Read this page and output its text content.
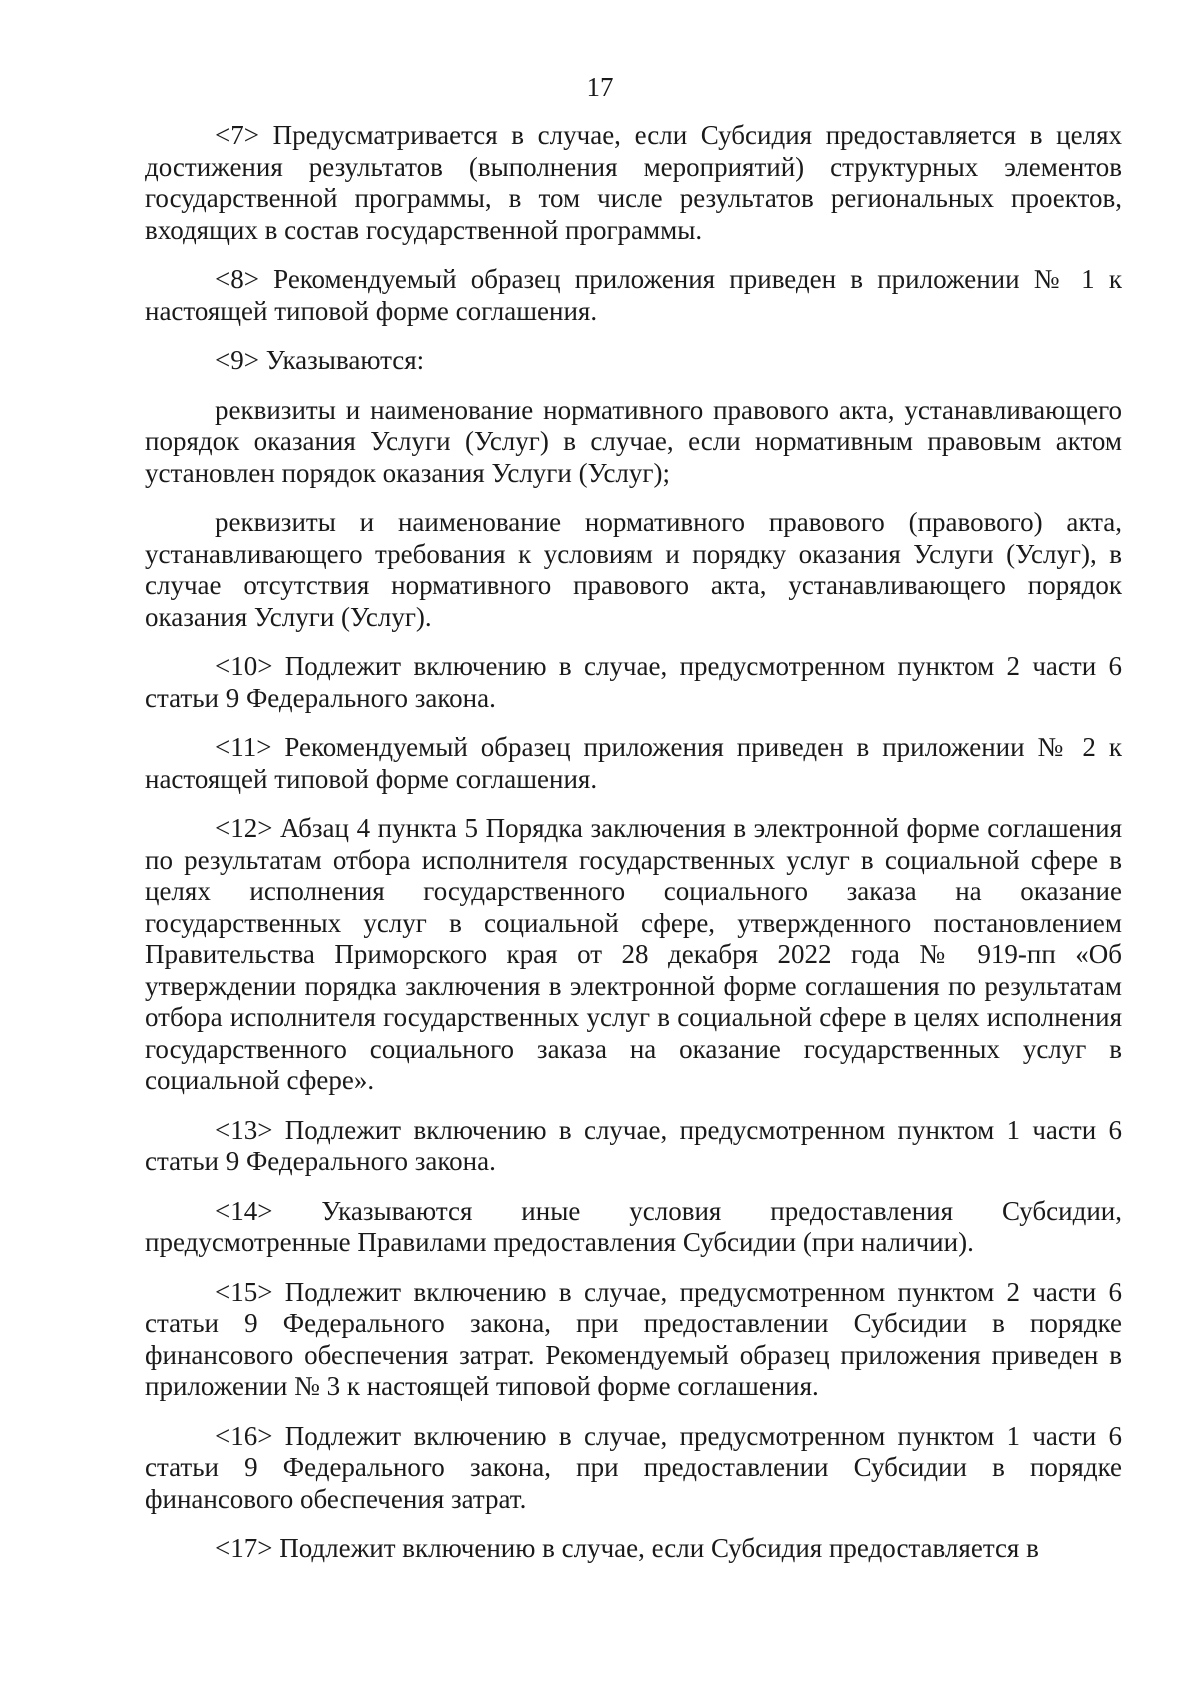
17

<7> Предусматривается в случае, если Субсидия предоставляется в целях достижения результатов (выполнения мероприятий) структурных элементов государственной программы, в том числе результатов региональных проектов, входящих в состав государственной программы.

<8> Рекомендуемый образец приложения приведен в приложении № 1 к настоящей типовой форме соглашения.

<9> Указываются:

реквизиты и наименование нормативного правового акта, устанавливающего порядок оказания Услуги (Услуг) в случае, если нормативным правовым актом установлен порядок оказания Услуги (Услуг);

реквизиты и наименование нормативного правового (правового) акта, устанавливающего требования к условиям и порядку оказания Услуги (Услуг), в случае отсутствия нормативного правового акта, устанавливающего порядок оказания Услуги (Услуг).

<10> Подлежит включению в случае, предусмотренном пунктом 2 части 6 статьи 9 Федерального закона.

<11> Рекомендуемый образец приложения приведен в приложении № 2 к настоящей типовой форме соглашения.

<12> Абзац 4 пункта 5 Порядка заключения в электронной форме соглашения по результатам отбора исполнителя государственных услуг в социальной сфере в целях исполнения государственного социального заказа на оказание государственных услуг в социальной сфере, утвержденного постановлением Правительства Приморского края от 28 декабря 2022 года № 919-пп «Об утверждении порядка заключения в электронной форме соглашения по результатам отбора исполнителя государственных услуг в социальной сфере в целях исполнения государственного социального заказа на оказание государственных услуг в социальной сфере».

<13> Подлежит включению в случае, предусмотренном пунктом 1 части 6 статьи 9 Федерального закона.

<14> Указываются иные условия предоставления Субсидии, предусмотренные Правилами предоставления Субсидии (при наличии).

<15> Подлежит включению в случае, предусмотренном пунктом 2 части 6 статьи 9 Федерального закона, при предоставлении Субсидии в порядке финансового обеспечения затрат. Рекомендуемый образец приложения приведен в приложении № 3 к настоящей типовой форме соглашения.

<16> Подлежит включению в случае, предусмотренном пунктом 1 части 6 статьи 9 Федерального закона, при предоставлении Субсидии в порядке финансового обеспечения затрат.

<17> Подлежит включению в случае, если Субсидия предоставляется в
